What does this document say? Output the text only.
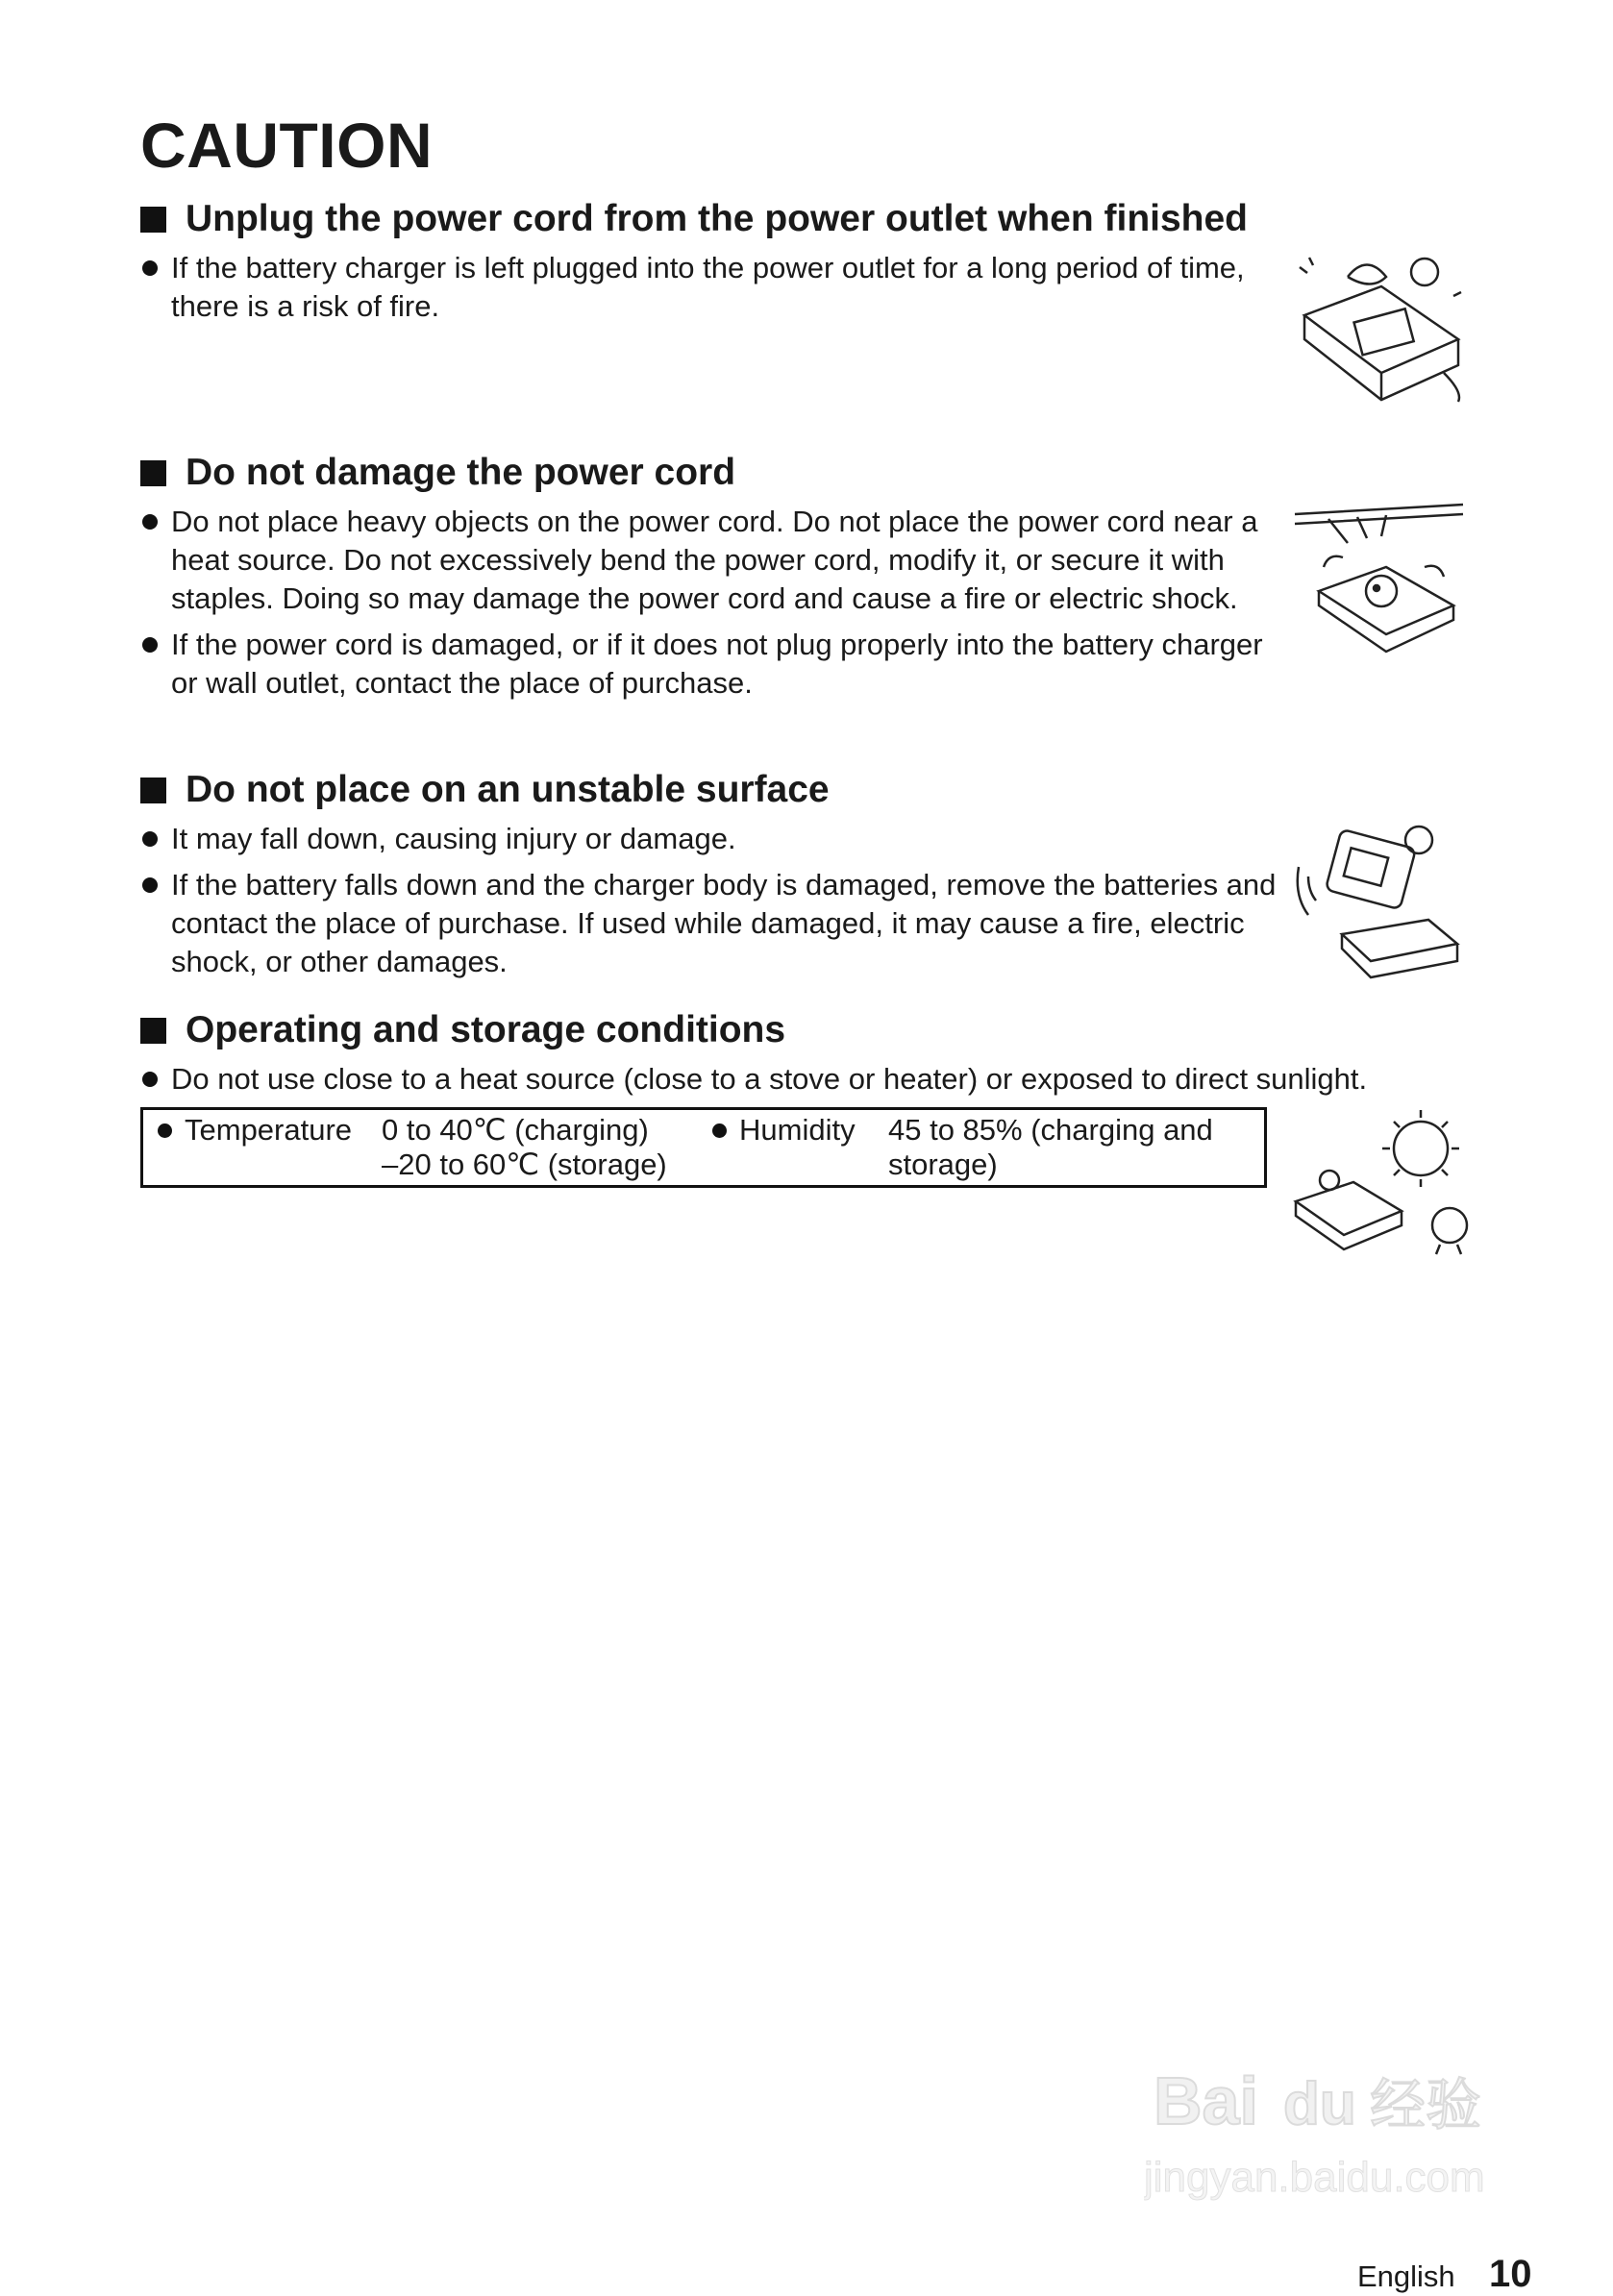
CAUTION
Unplug the power cord from the power outlet when finished
If the battery charger is left plugged into the power outlet for a long period of time, there is a risk of fire.
Do not damage the power cord
Do not place heavy objects on the power cord. Do not place the power cord near a heat source. Do not excessively bend the power cord, modify it, or secure it with staples. Doing so may damage the power cord and cause a fire or electric shock.
If the power cord is damaged, or if it does not plug properly into the battery charger or wall outlet, contact the place of purchase.
Do not place on an unstable surface
It may fall down, causing injury or damage.
If the battery falls down and the charger body is damaged, remove the batteries and contact the place of purchase. If used while damaged, it may cause a fire, electric shock, or other damages.
Operating and storage conditions
Do not use close to a heat source (close to a stove or heater) or exposed to direct sunlight.
Temperature 0 to 40℃ (charging)
–20 to 60℃ (storage)
Humidity 45 to 85% (charging and
storage)
Bai du 经验
jingyan.baidu.com
English 10
